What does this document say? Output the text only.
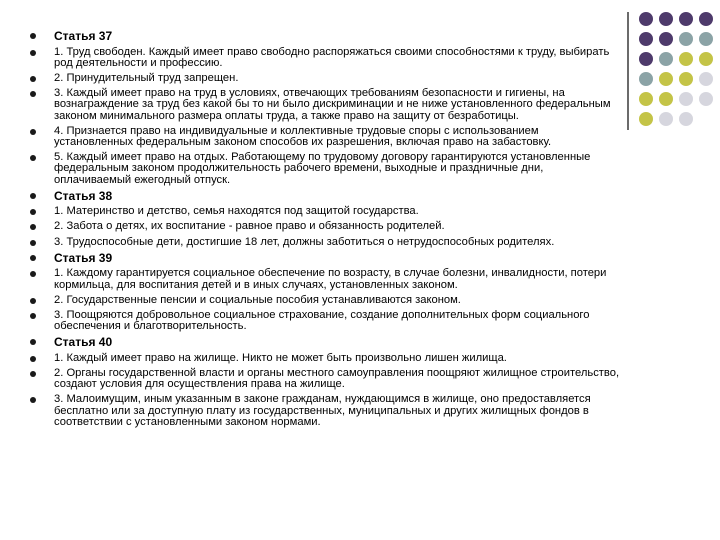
Статья 37
1. Труд свободен. Каждый имеет право свободно распоряжаться своими способностями к труду, выбирать род деятельности и профессию.
2. Принудительный труд запрещен.
3. Каждый имеет право на труд в условиях, отвечающих требованиям безопасности и гигиены, на вознаграждение за труд без какой бы то ни было дискриминации и не ниже установленного федеральным законом минимального размера оплаты труда, а также право на защиту от безработицы.
4. Признается право на индивидуальные и коллективные трудовые споры с использованием установленных федеральным законом способов их разрешения, включая право на забастовку.
5. Каждый имеет право на отдых. Работающему по трудовому договору гарантируются установленные федеральным законом продолжительность рабочего времени, выходные и праздничные дни, оплачиваемый ежегодный отпуск.
Статья 38
1. Материнство и детство, семья находятся под защитой государства.
2. Забота о детях, их воспитание - равное право и обязанность родителей.
3. Трудоспособные дети, достигшие 18 лет, должны заботиться о нетрудоспособных родителях.
Статья 39
1. Каждому гарантируется социальное обеспечение по возрасту, в случае болезни, инвалидности, потери кормильца, для воспитания детей и в иных случаях, установленных законом.
2. Государственные пенсии и социальные пособия устанавливаются законом.
3. Поощряются добровольное социальное страхование, создание дополнительных форм социального обеспечения и благотворительность.
Статья 40
1. Каждый имеет право на жилище. Никто не может быть произвольно лишен жилища.
2. Органы государственной власти и органы местного самоуправления поощряют жилищное строительство, создают условия для осуществления права на жилище.
3. Малоимущим, иным указанным в законе гражданам, нуждающимся в жилище, оно предоставляется бесплатно или за доступную плату из государственных, муниципальных и других жилищных фондов в соответствии с установленными законом нормами.
